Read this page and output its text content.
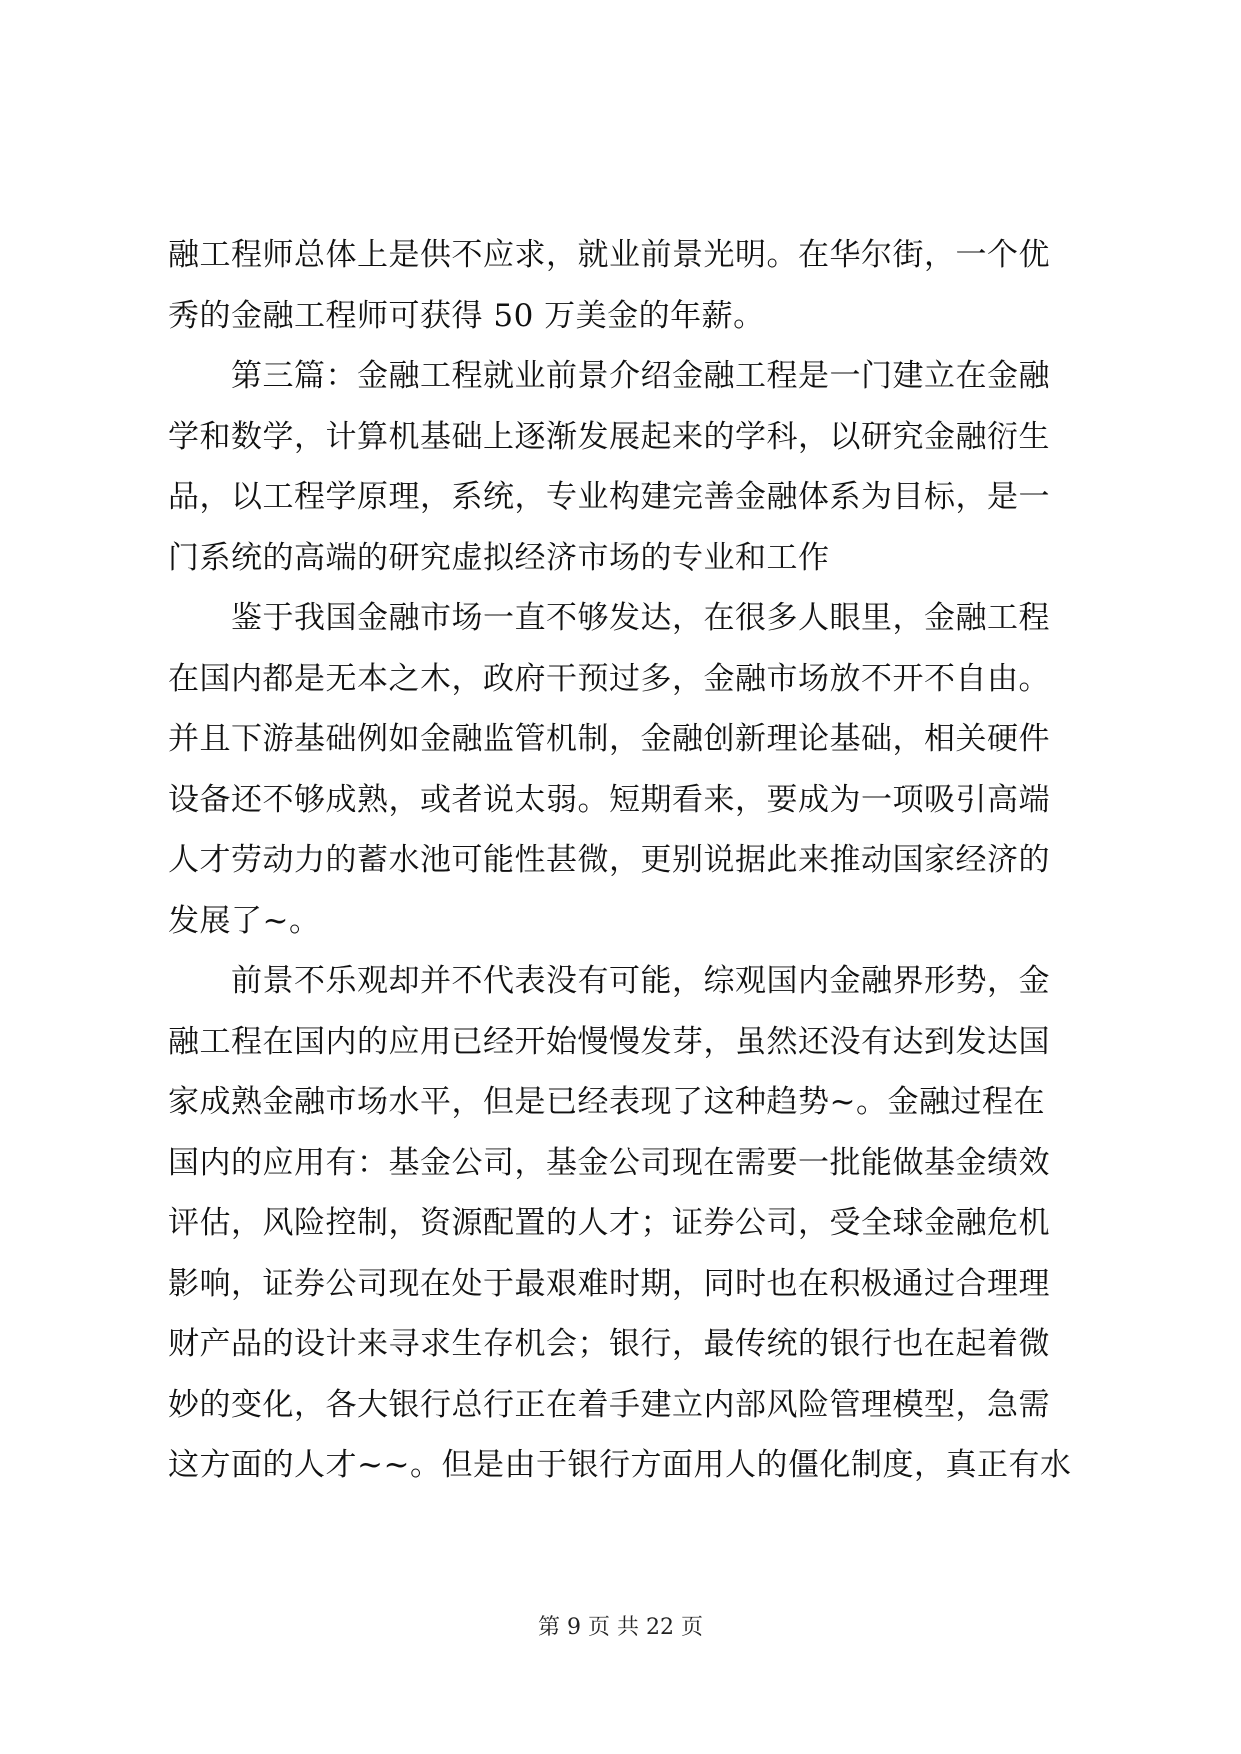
融工程师总体上是供不应求，就业前景光明。在华尔街，一个优
秀的金融工程师可获得 50 万美金的年薪。
　　第三篇：金融工程就业前景介绍金融工程是一门建立在金融
学和数学，计算机基础上逐渐发展起来的学科，以研究金融衍生
品，以工程学原理，系统，专业构建完善金融体系为目标，是一
门系统的高端的研究虚拟经济市场的专业和工作
　　鉴于我国金融市场一直不够发达，在很多人眼里，金融工程
在国内都是无本之木，政府干预过多，金融市场放不开不自由。
并且下游基础例如金融监管机制，金融创新理论基础，相关硬件
设备还不够成熟，或者说太弱。短期看来，要成为一项吸引高端
人才劳动力的蓄水池可能性甚微，更别说据此来推动国家经济的
发展了~。
　　前景不乐观却并不代表没有可能，综观国内金融界形势，金
融工程在国内的应用已经开始慢慢发芽，虽然还没有达到发达国
家成熟金融市场水平，但是已经表现了这种趋势~。金融过程在
国内的应用有：基金公司，基金公司现在需要一批能做基金绩效
评估，风险控制，资源配置的人才；证券公司，受全球金融危机
影响，证券公司现在处于最艰难时期，同时也在积极通过合理理
财产品的设计来寻求生存机会；银行，最传统的银行也在起着微
妙的变化，各大银行总行正在着手建立内部风险管理模型，急需
这方面的人才~~。但是由于银行方面用人的僵化制度，真正有水
第 9 页 共 22 页
